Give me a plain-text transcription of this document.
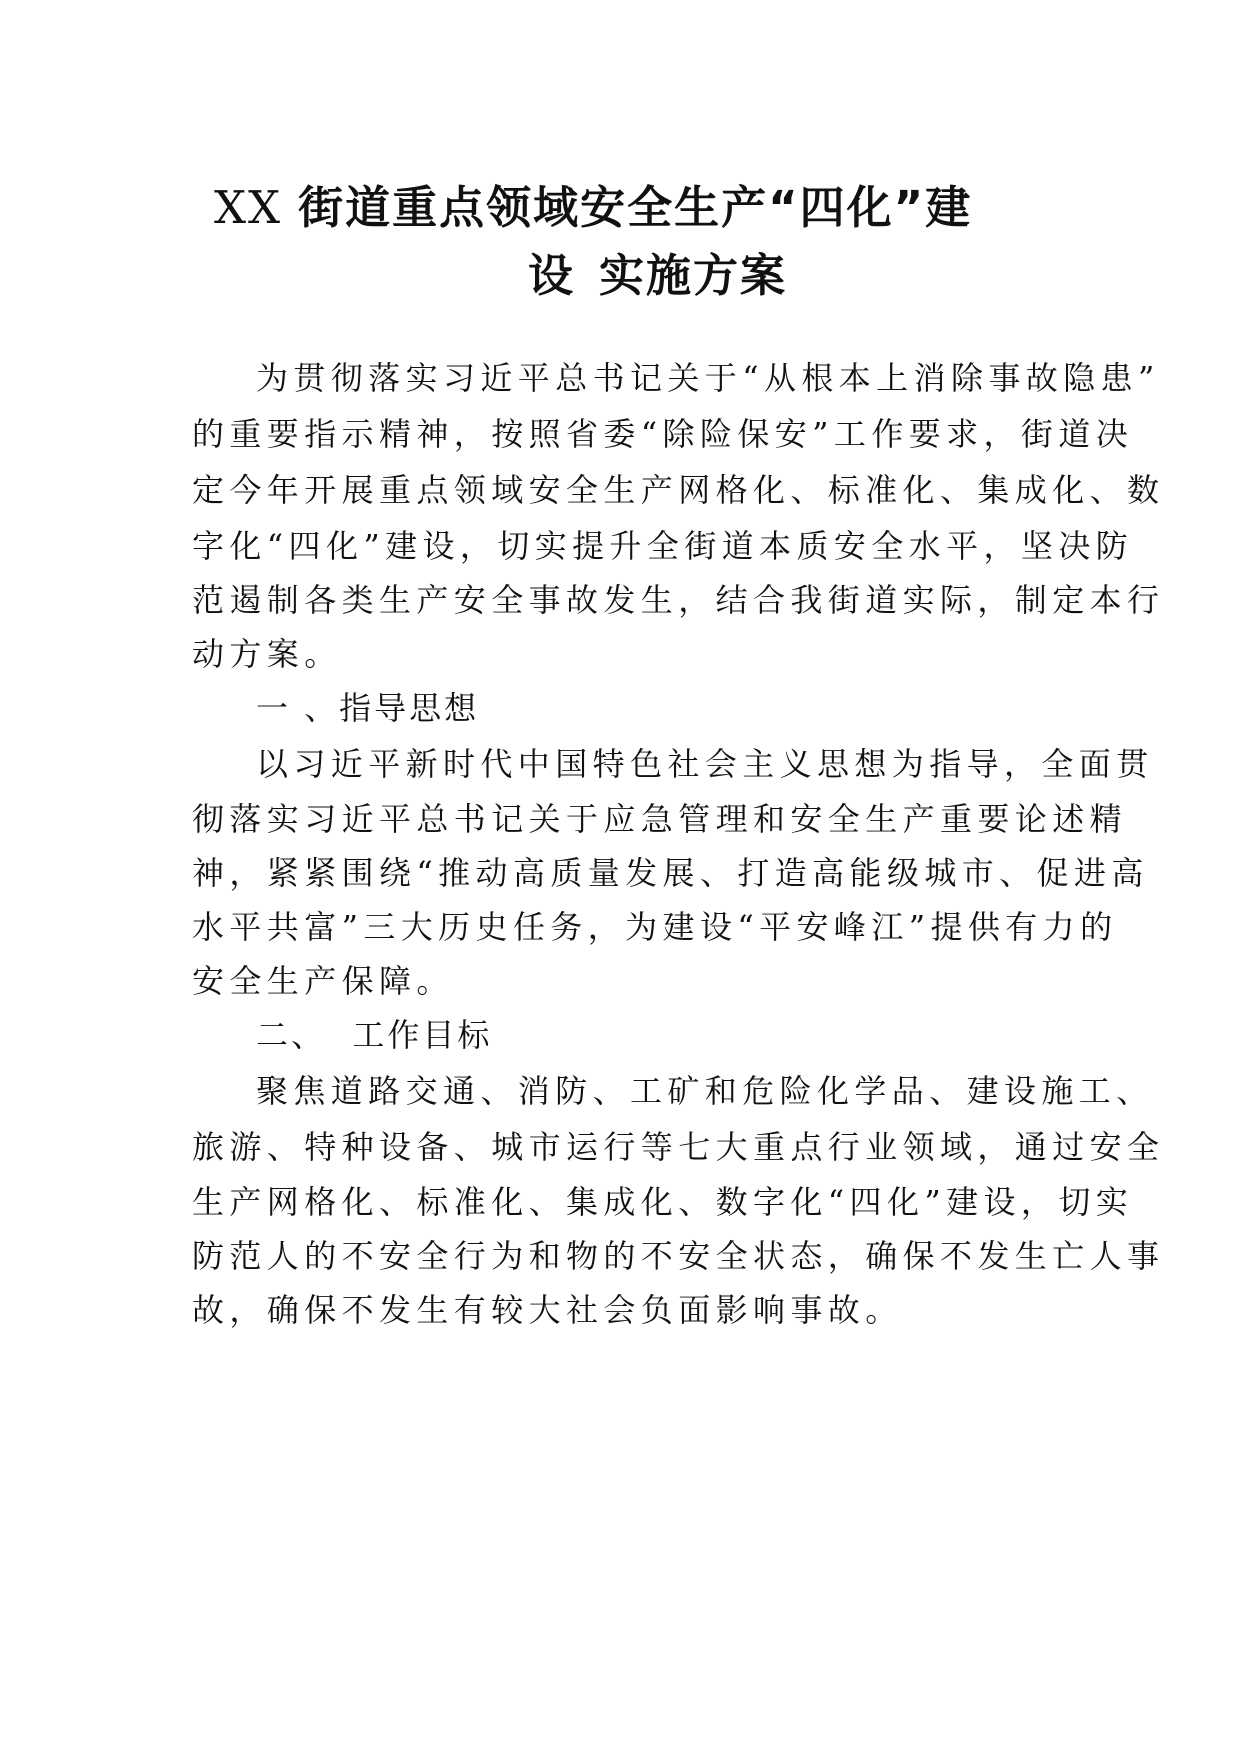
XX 街道重点领域安全生产“四化”建
设 实施方案
为贯彻落实习近平总书记关于“从根本上消除事故隐患”
的重要指示精神，按照省委“除险保安”工作要求，街道决
定今年开展重点领域安全生产网格化、标准化、集成化、数
字化“四化”建设，切实提升全街道本质安全水平，坚决防
范遏制各类生产安全事故发生，结合我街道实际，制定本行
动方案。
一 、指导思想
以习近平新时代中国特色社会主义思想为指导，全面贯
彻落实习近平总书记关于应急管理和安全生产重要论述精
神，紧紧围绕“推动高质量发展、打造高能级城市、促进高
水平共富”三大历史任务，为建设“平安峰江”提供有力的
安全生产保障。
二、  工作目标
聚焦道路交通、消防、工矿和危险化学品、建设施工、
旅游、特种设备、城市运行等七大重点行业领域，通过安全
生产网格化、标准化、集成化、数字化“四化”建设，切实
防范人的不安全行为和物的不安全状态，确保不发生亡人事
故，确保不发生有较大社会负面影响事故。
